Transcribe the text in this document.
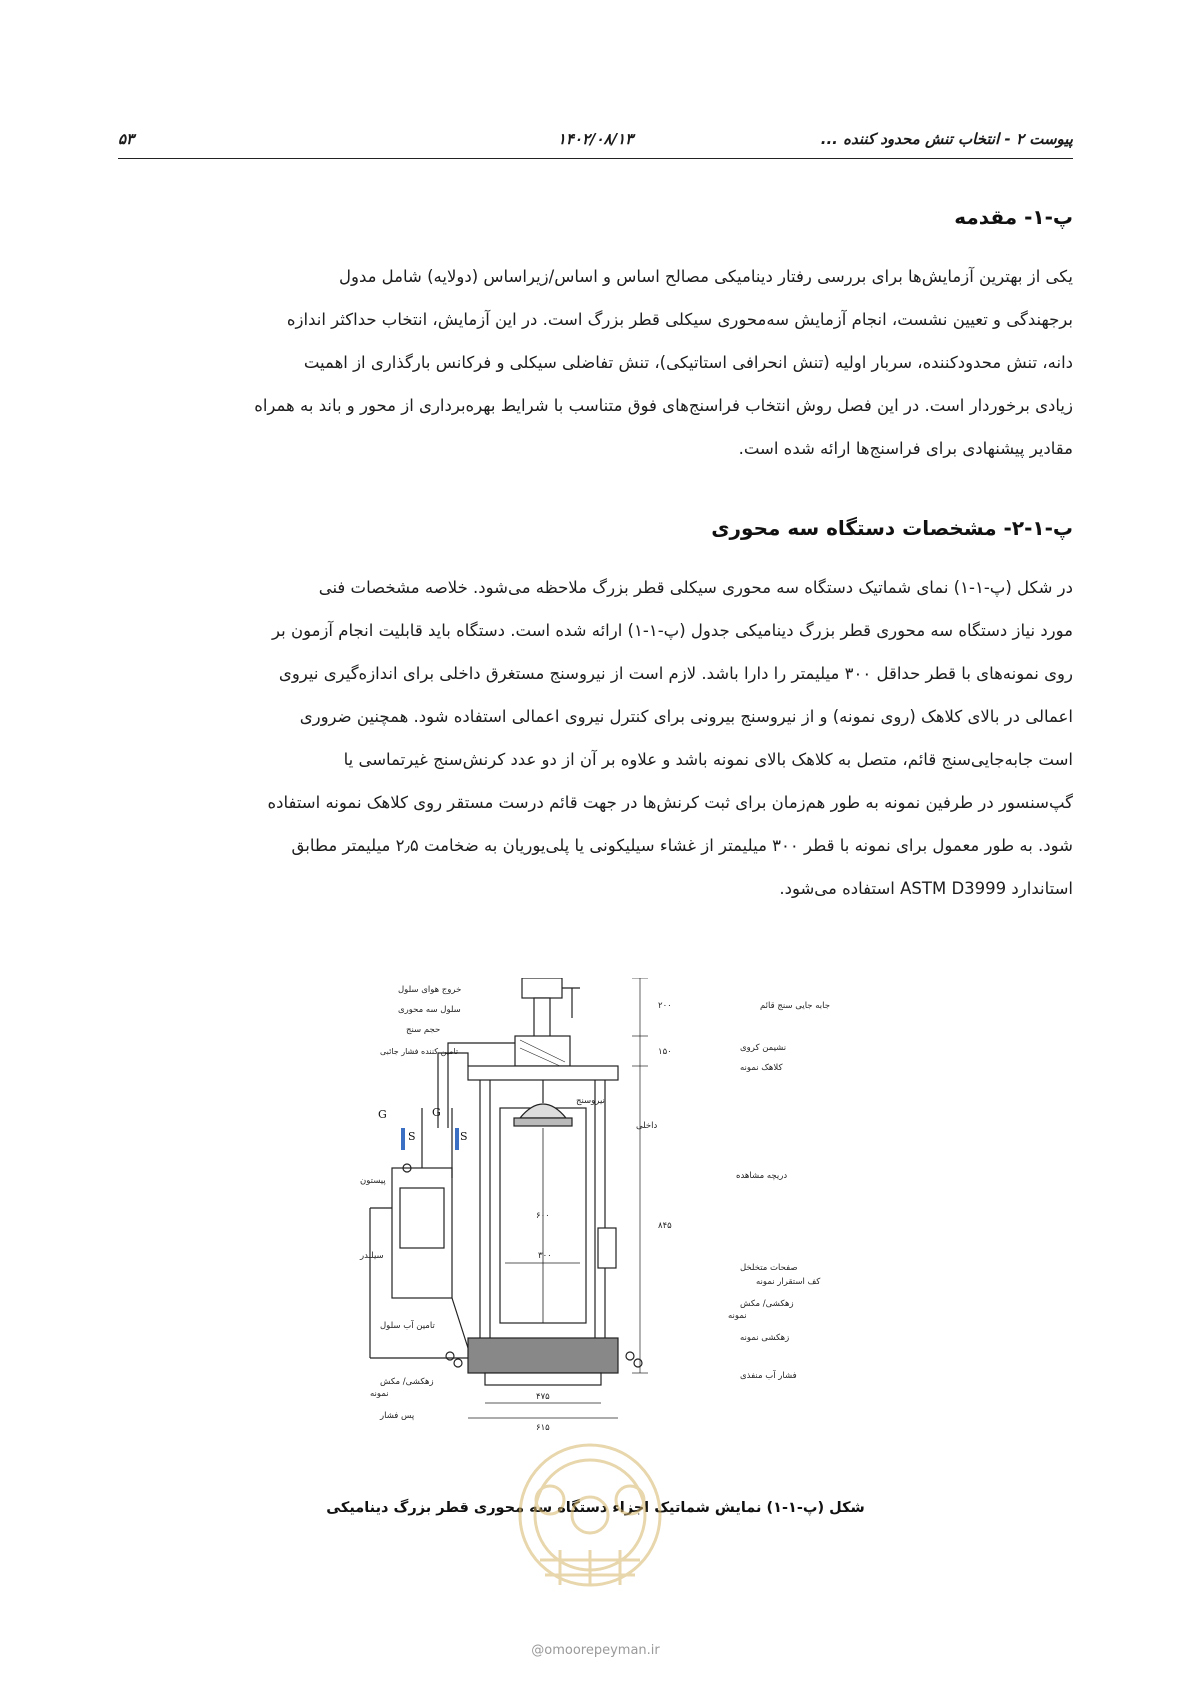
پیوست ۲ - انتخاب تنش محدود کننده ...
۱۴۰۲/۰۸/۱۳
۵۳
پ-۱- مقدمه
یکی از بهترین آزمایش‌ها برای بررسی رفتار دینامیکی مصالح اساس و اساس/زیراساس (دولایه) شامل مدول
برجهندگی و تعیین نشست، انجام آزمایش سه‌محوری سیکلی قطر بزرگ است. در این آزمایش، انتخاب حداکثر اندازه
دانه، تنش محدودکننده، سربار اولیه (تنش انحرافی استاتیکی)، تنش تفاضلی سیکلی و فرکانس بارگذاری از اهمیت
زیادی برخوردار است. در این فصل روش انتخاب فراسنج‌های فوق متناسب با شرایط بهره‌برداری از محور و باند به همراه
مقادیر پیشنهادی برای فراسنج‌ها ارائه شده است.
پ-۱-۲- مشخصات دستگاه سه محوری
در شکل (پ-۱-۱) نمای شماتیک دستگاه سه محوری سیکلی قطر بزرگ ملاحظه می‌شود. خلاصه مشخصات فنی
مورد نیاز دستگاه سه محوری قطر بزرگ دینامیکی جدول (پ-۱-۱) ارائه شده است. دستگاه باید قابلیت انجام آزمون بر
روی نمونه‌های با قطر حداقل ۳۰۰ میلیمتر را دارا باشد. لازم است از نیروسنج مستغرق داخلی برای اندازه‌گیری نیروی
اعمالی در بالای کلاهک (روی نمونه) و از نیروسنج بیرونی برای کنترل نیروی اعمالی استفاده شود. همچنین ضروری
است جابه‌جایی‌سنج قائم، متصل به کلاهک بالای نمونه باشد و علاوه بر آن از دو عدد کرنش‌سنج غیرتماسی یا
گپ‌سنسور در طرفین نمونه به طور هم‌زمان برای ثبت کرنش‌ها در جهت قائم درست مستقر روی کلاهک نمونه استفاده
شود. به طور معمول برای نمونه با قطر ۳۰۰ میلیمتر از غشاء سیلیکونی یا پلی‌یوریان به ضخامت ۲٫۵ میلیمتر مطابق
استاندارد ASTM D3999 استفاده می‌شود.
G	G
S	S
خروج هوای سلول
سلول سه محوری
حجم سنج
تامین کننده فشار جائبی
پیستون
سیلندر
تامین آب سلول
زهکشی/ مکش
نمونه
پس فشار
جابه جایی سنج قائم
نشیمن کروی
کلاهک نمونه
دریچه مشاهده
صفحات متخلخل
کف استقرار نمونه
زهکشی/ مکش
نمونه
زهکشی نمونه
فشار آب منفذی
نیروسنج
داخلی
۲۰۰
۱۵۰
۸۴۵
۶۰۰
۳۰۰
۴۷۵
۶۱۵
شکل (پ-۱-۱) نمایش شماتیک اجزاء دستگاه سه محوری قطر بزرگ دینامیکی
@omoorepeyman.ir
